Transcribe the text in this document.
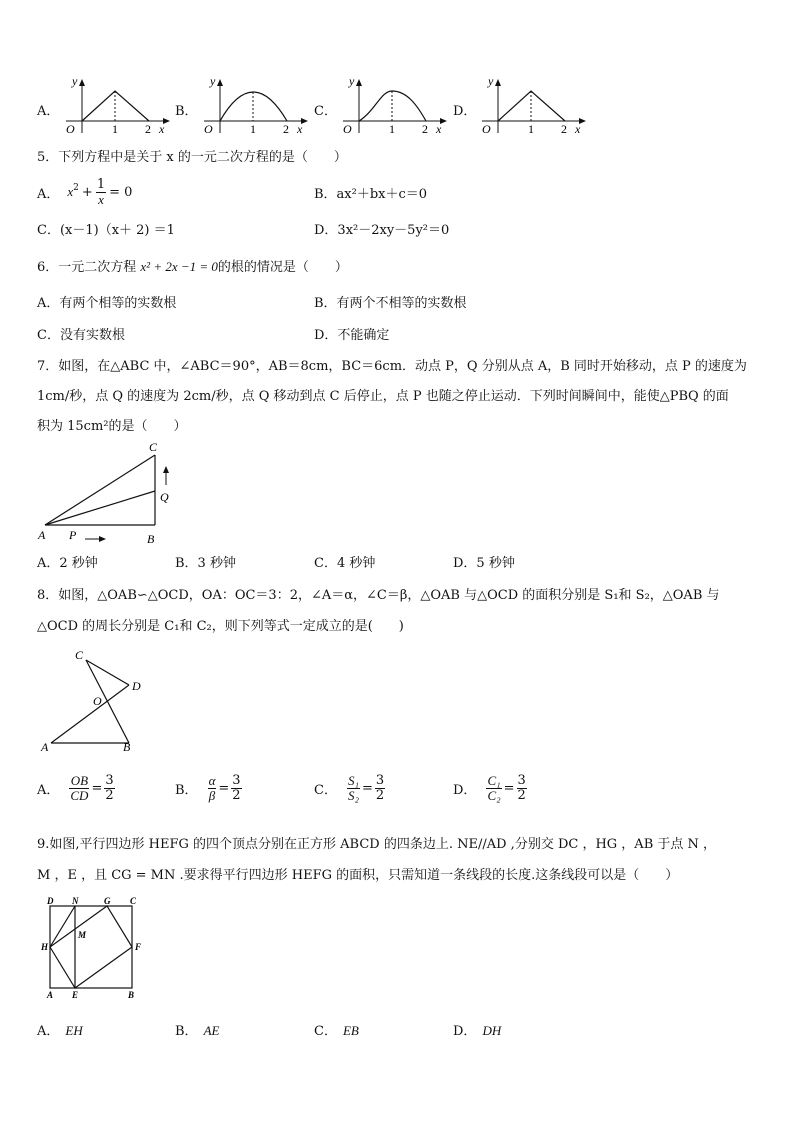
A．	B．	C．	D．
y
O	1 2 x
y
O	1 2 x
y
O	1 2 x
y
O	1 2 x
5．下列方程中是关于 x 的一元二次方程的是（　　）
A． $x^2 + \frac{1}{x} = 0$	B．ax²＋bx＋c＝0
C．(x－1)（x＋ 2) ＝1	D．3x²－2xy－5y²＝0
6．一元二次方程 x² + 2x −1 = 0的根的情况是（　　）
A．有两个相等的实数根	B．有两个不相等的实数根
C．没有实数根	D．不能确定
7．如图，在△ABC 中，∠ABC＝90°，AB＝8cm，BC＝6cm．动点 P，Q 分别从点 A，B 同时开始移动，点 P 的速度为
1cm/秒，点 Q 的速度为 2cm/秒，点 Q 移动到点 C 后停止，点 P 也随之停止运动．下列时间瞬间中，能使△PBQ 的面
积为 15cm²的是（　　）
A	B
C
P
Q
A．2 秒钟	B．3 秒钟	C．4 秒钟	D．5 秒钟
8．如图，△OAB∽△OCD，OA：OC＝3：2，∠A＝α，∠C＝β，△OAB 与△OCD 的面积分别是 S₁和 S₂，△OAB 与
△OCD 的周长分别是 C₁和 C₂，则下列等式一定成立的是(　　)
A	B
C
D
O
A． $\frac{OB}{CD} = \frac{3}{2}$	B． $\frac{\alpha}{\beta} = \frac{3}{2}$	C． $\frac{\text{S₁}}{\text{S₂}} = \frac{3}{2}$	D． $\frac{\text{C₁}}{\text{C₂}} = \frac{3}{2}$
9.如图,平行四边形 HEFG 的四个顶点分别在正方形 ABCD 的四条边上. NE//AD ,分别交 DC ，HG ，AB 于点 N ，
M ，E ，且 CG = MN .要求得平行四边形 HEFG 的面积，只需知道一条线段的长度.这条线段可以是（　　）
D N	G C
H
M
F
A E	B
A． EH	B． AE	C． EB	D． DH
